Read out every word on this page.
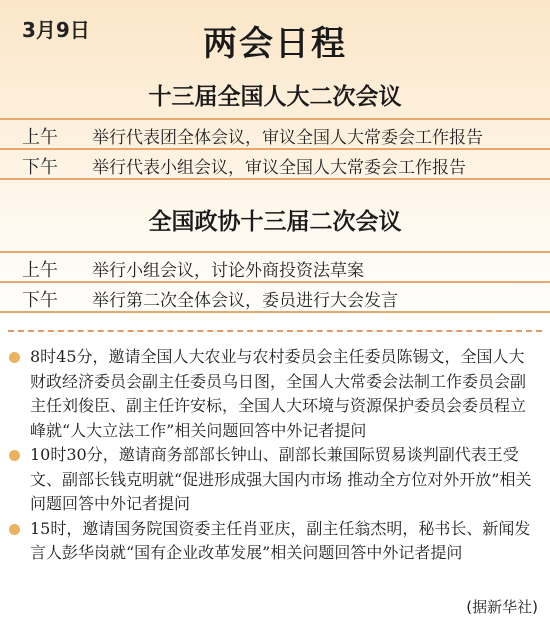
3月9日	两会日程
十三届全国人大二次会议
上午 举行代表团全体会议，审议全国人大常委会工作报告
下午 举行代表小组会议，审议全国人大常委会工作报告
全国政协十三届二次会议
上午 举行小组会议，讨论外商投资法草案
下午 举行第二次全体会议，委员进行大会发言
8时45分，邀请全国人大农业与农村委员会主任委员陈锡文，全国人大财政经济委员会副主任委员乌日图，全国人大常委会法制工作委员会副主任刘俊臣、副主任许安标，全国人大环境与资源保护委员会委员程立峰就“人大立法工作”相关问题回答中外记者提问
10时30分，邀请商务部部长钟山、副部长兼国际贸易谈判副代表王受文、副部长钱克明就“促进形成强大国内市场 推动全方位对外开放”相关问题回答中外记者提问
15时，邀请国务院国资委主任肖亚庆，副主任翁杰明，秘书长、新闻发言人彭华岗就“国有企业改革发展”相关问题回答中外记者提问
(据新华社)
